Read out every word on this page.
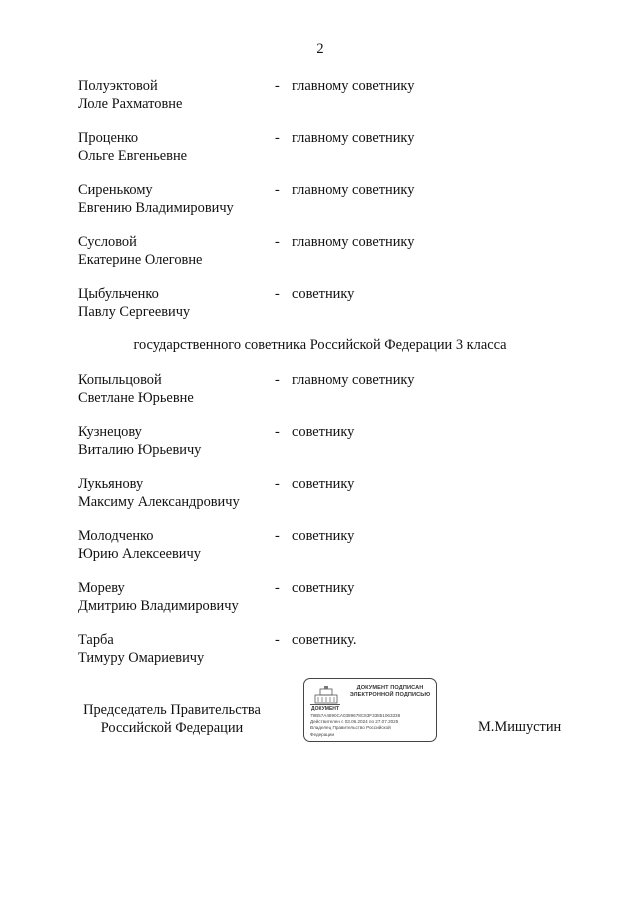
2
Полуэктовой
Лоле Рахматовне
- главному советнику
Проценко
Ольге Евгеньевне
- главному советнику
Сиренькому
Евгению Владимировичу
- главному советнику
Сусловой
Екатерине Олеговне
- главному советнику
Цыбульченко
Павлу Сергеевичу
- советнику
государственного советника Российской Федерации 3 класса
Копыльцовой
Светлане Юрьевне
- главному советнику
Кузнецову
Виталию Юрьевичу
- советнику
Лукьянову
Максиму Александровичу
- советнику
Молодченко
Юрию Алексеевичу
- советнику
Мореву
Дмитрию Владимировичу
- советнику
Тарба
Тимуру Омариевичу
- советнику.
Председатель Правительства
Российской Федерации
ДОКУМЕНТ
ДОКУМЕНТ ПОДПИСАН
ЭЛЕКТРОННОЙ ПОДПИСЬЮ
79B57A4890CA0389678C83F33851063338
Действителен с 03.06.2024 по 27.07.2025
Владелец Правительство Российской
Федерации	М.Мишустин
